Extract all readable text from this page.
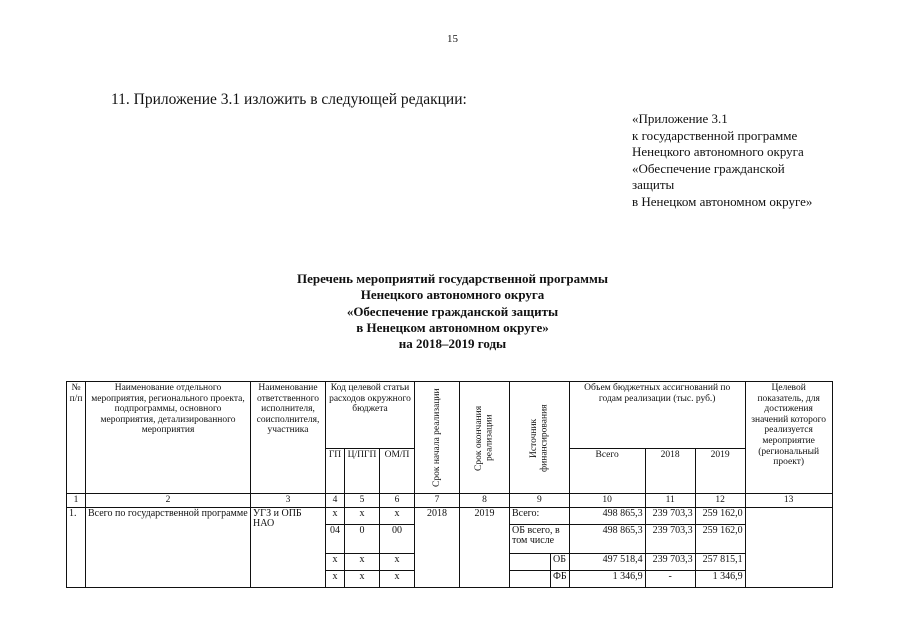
15
11. Приложение 3.1 изложить в следующей редакции:
«Приложение 3.1
к государственной программе
Ненецкого автономного округа
«Обеспечение гражданской
защиты
в Ненецком автономном округе»
Перечень мероприятий государственной программы
Ненецкого автономного округа
«Обеспечение гражданской защиты
в Ненецком автономном округе»
на 2018–2019 годы
№ п/п	Наименование отдельного мероприятия, регионального проекта, подпрограммы, основного мероприятия, детализированного мероприятия	Наименование ответственного исполнителя, соисполнителя, участника	Код целевой статьи расходов окружного бюджета			Срок начала реализации	Срок окончания реализации	Источник финансирования		Объем бюджетных ассигнований по годам реализации (тыс. руб.)			Целевой показатель, для достижения значений которого реализуется мероприятие (региональный проект)
			ГП	Ц/ПГП	ОМ/П					Всего	2018	2019	
1	2	3	4	5	6	7	8	9		10	11	12	13
1.	Всего по государственной программе	УГЗ и ОПБ НАО	х	х	х	2018	2019	Всего:		498 865,3	239 703,3	259 162,0	
			04	0	00			ОБ всего, в том числе		498 865,3	239 703,3	259 162,0	
			х	х	х				ОБ	497 518,4	239 703,3	257 815,1	
			х	х	х				ФБ	1 346,9	-	1 346,9	
